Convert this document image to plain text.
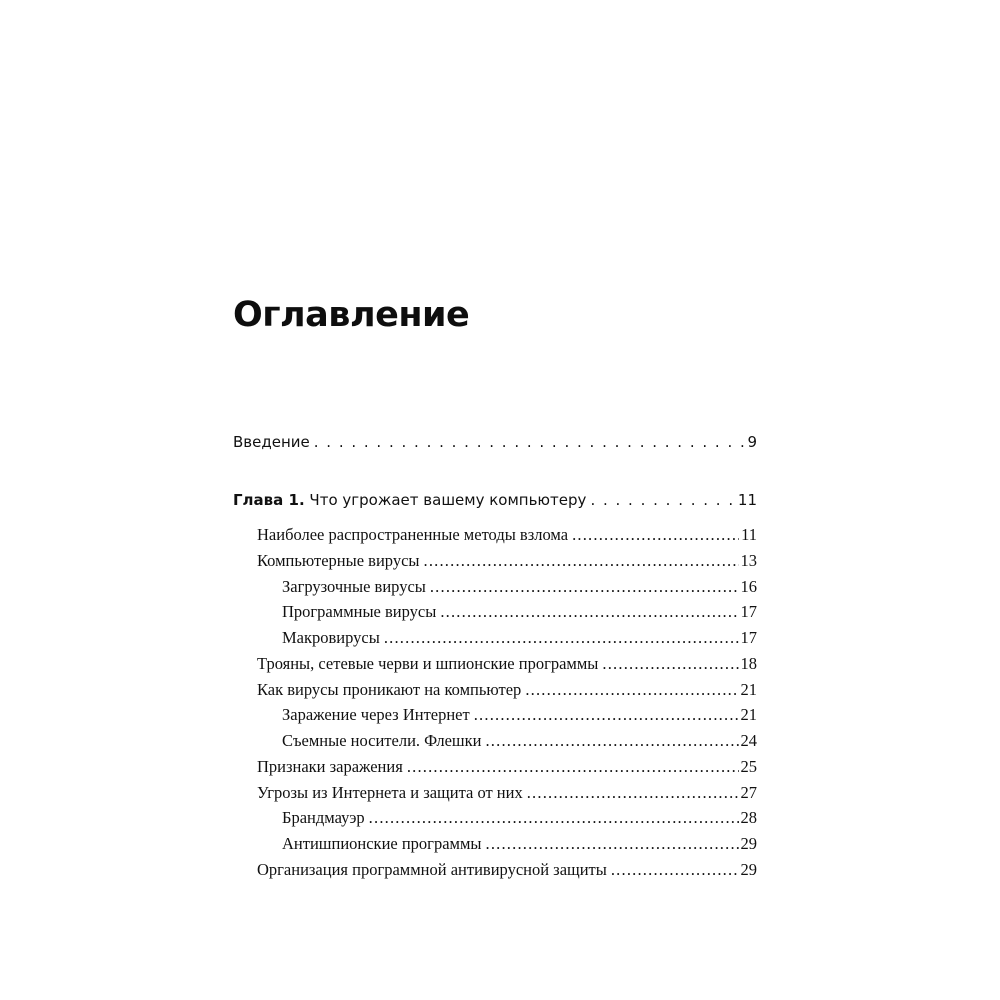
Оглавление
Введение . . .	9
Глава 1. Что угрожает вашему компьютеру . . .	11
Наиболее распространенные методы взлома .....	11
Компьютерные вирусы .....	13
Загрузочные вирусы .....	16
Программные вирусы .....	17
Макровирусы .....	17
Трояны, сетевые черви и шпионские программы .....	18
Как вирусы проникают на компьютер .....	21
Заражение через Интернет .....	21
Съемные носители. Флешки .....	24
Признаки заражения .....	25
Угрозы из Интернета и защита от них .....	27
Брандмауэр .....	28
Антишпионские программы .....	29
Организация программной антивирусной защиты .....	29
